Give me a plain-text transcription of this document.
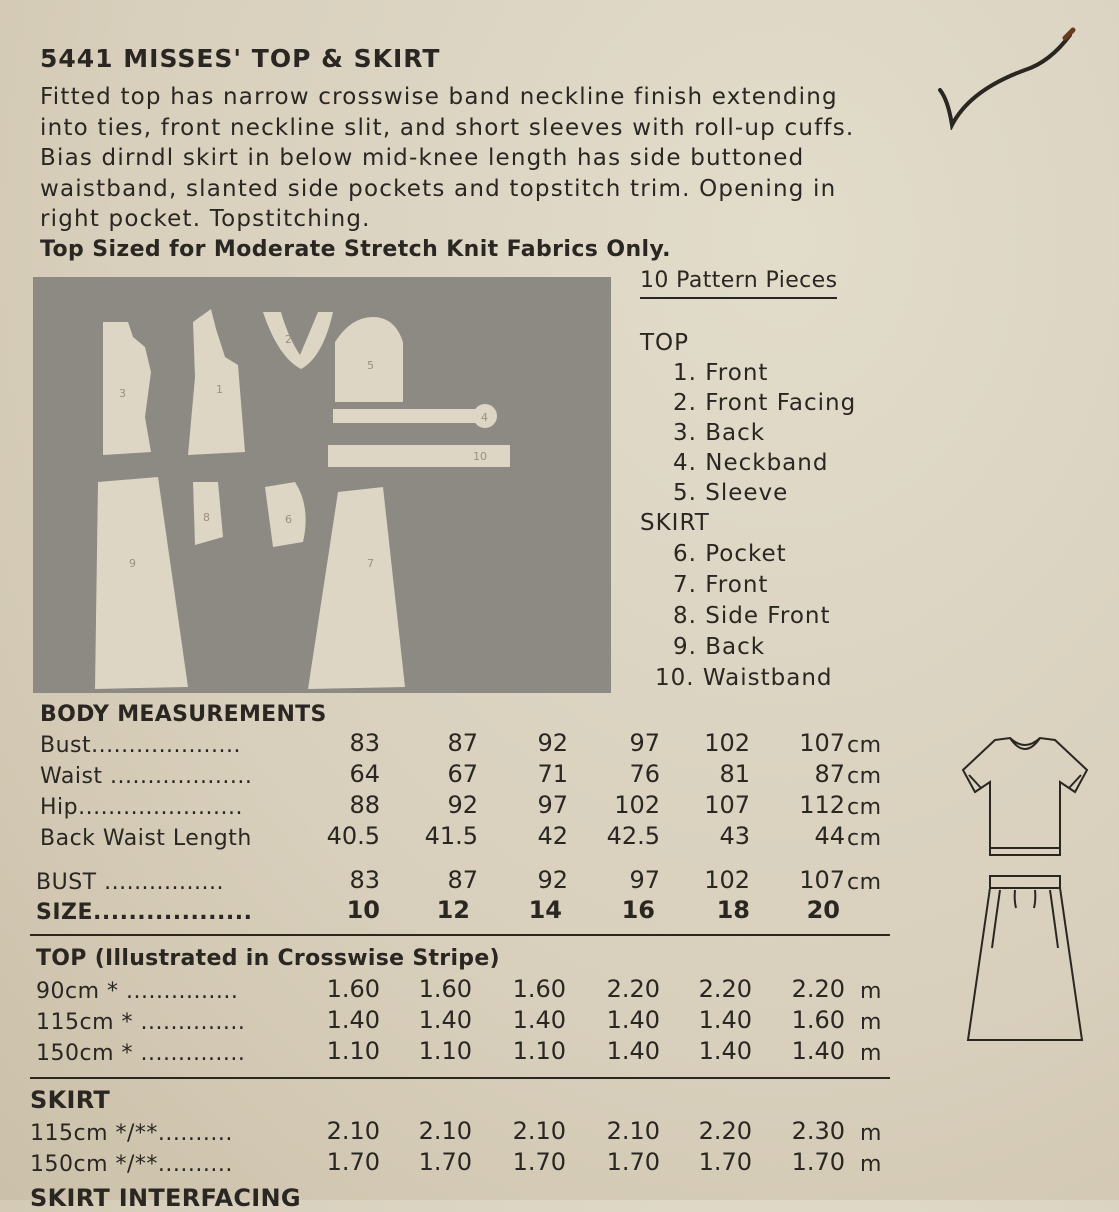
5441 MISSES' TOP & SKIRT
Fitted top has narrow crosswise band neckline finish extending into ties, front neckline slit, and short sleeves with roll-up cuffs. Bias dirndl skirt in below mid-knee length has side buttoned waistband, slanted side pockets and topstitch trim. Opening in right pocket. Topstitching.
Top Sized for Moderate Stretch Knit Fabrics Only.
10 Pattern Pieces
3	1
2
5
4
10
8	6
9	7
TOP
1. Front
2. Front Facing
3. Back
4. Neckband
5. Sleeve
SKIRT
6. Pocket
7. Front
8. Side Front
9. Back
10. Waistband
BODY MEASUREMENTS
Bust....................	83	87	92	97	102	107 cm
Waist ...................	64	67	71	76	81	87 cm
Hip......................	88	92	97	102	107	112 cm
Back Waist Length	40.5	41.5	42	42.5	43	44 cm
BUST ................	83	87	92	97	102	107 cm
SIZE..................	10	12	14	16	18	20
TOP (Illustrated in Crosswise Stripe)
90cm * ...............	1.60	1.60	1.60	2.20	2.20	2.20 m
115cm * ..............	1.40	1.40	1.40	1.40	1.40	1.60 m
150cm * ..............	1.10	1.10	1.10	1.40	1.40	1.40 m
SKIRT
115cm */**..........	2.10	2.10	2.10	2.10	2.20	2.30 m
150cm */**..........	1.70	1.70	1.70	1.70	1.70	1.70 m
SKIRT INTERFACING
